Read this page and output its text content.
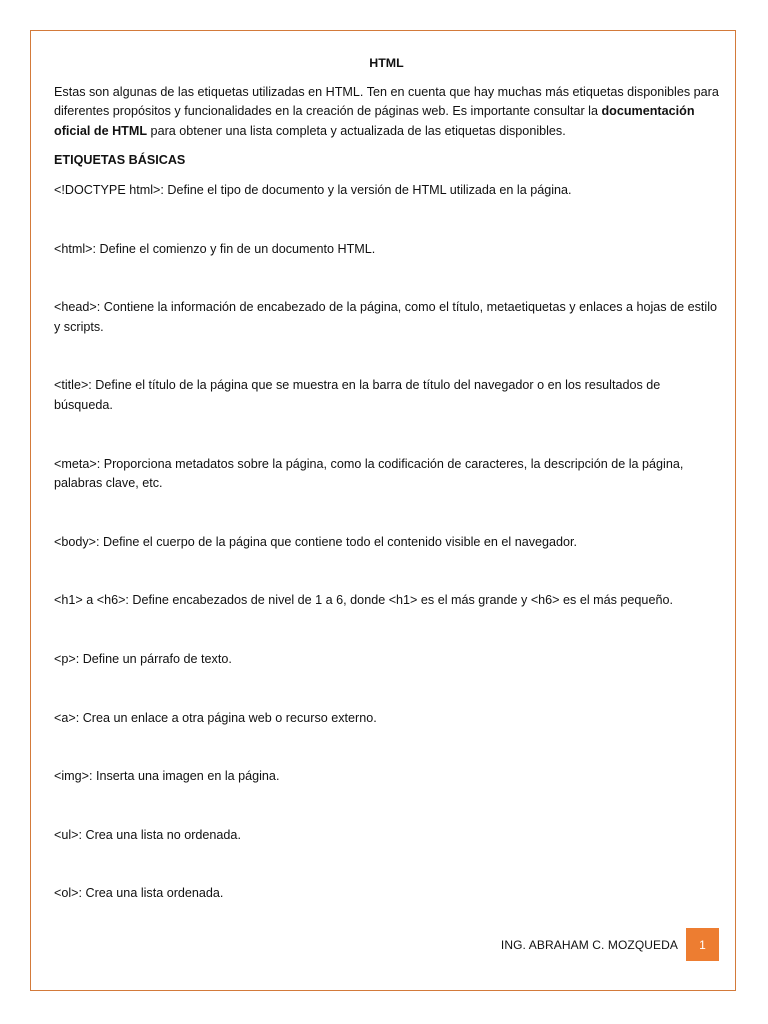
HTML

Estas son algunas de las etiquetas utilizadas en HTML. Ten en cuenta que hay muchas más etiquetas disponibles para diferentes propósitos y funcionalidades en la creación de páginas web. Es importante consultar la documentación oficial de HTML para obtener una lista completa y actualizada de las etiquetas disponibles.

ETIQUETAS BÁSICAS
<!DOCTYPE html>: Define el tipo de documento y la versión de HTML utilizada en la página.
<html>: Define el comienzo y fin de un documento HTML.
<head>: Contiene la información de encabezado de la página, como el título, metaetiquetas y enlaces a hojas de estilo y scripts.
<title>: Define el título de la página que se muestra en la barra de título del navegador o en los resultados de búsqueda.
<meta>: Proporciona metadatos sobre la página, como la codificación de caracteres, la descripción de la página, palabras clave, etc.
<body>: Define el cuerpo de la página que contiene todo el contenido visible en el navegador.
<h1> a <h6>: Define encabezados de nivel de 1 a 6, donde <h1> es el más grande y <h6> es el más pequeño.
<p>: Define un párrafo de texto.
<a>: Crea un enlace a otra página web o recurso externo.
<img>: Inserta una imagen en la página.
<ul>: Crea una lista no ordenada.
<ol>: Crea una lista ordenada.
ING. ABRAHAM C. MOZQUEDA	1
